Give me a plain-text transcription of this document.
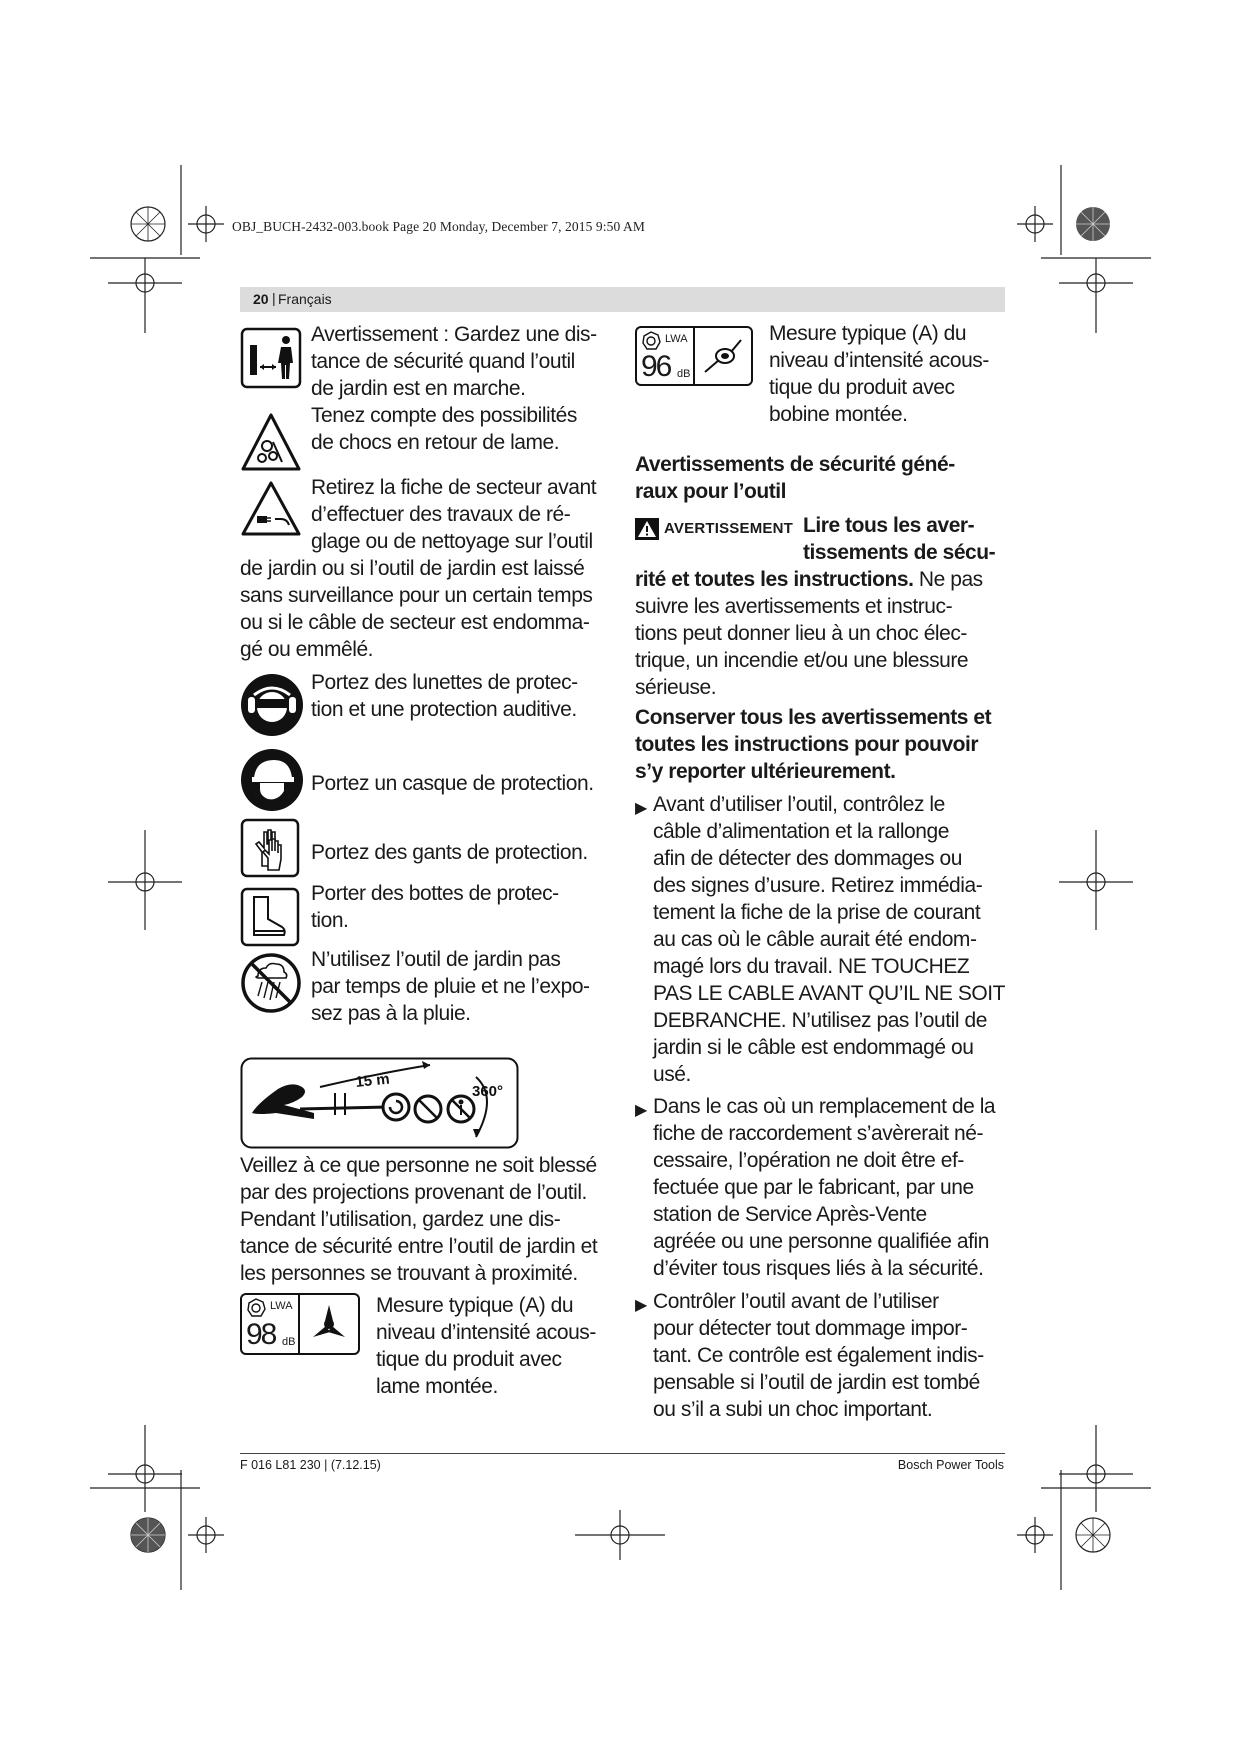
OBJ_BUCH-2432-003.book Page 20 Monday, December 7, 2015 9:50 AM
20 | Français

Avertissement : Gardez une dis-

tance de sécurité quand l’outil

de jardin est en marche.

Tenez compte des possibilités

de chocs en retour de lame.

Retirez la fiche de secteur avant

d’effectuer des travaux de ré-

glage ou de nettoyage sur l’outil

de jardin ou si l’outil de jardin est laissé

sans surveillance pour un certain temps

ou si le câble de secteur est endomma-

gé ou emmêlé.

Portez des lunettes de protec-

tion et une protection auditive.

Portez un casque de protection.
Portez des gants de protection.

Porter des bottes de protec-

tion.

N’utilisez l’outil de jardin pas

par temps de pluie et ne l’expo-

sez pas à la pluie.

15 m
360°

Veillez à ce que personne ne soit blessé

par des projections provenant de l’outil.

Pendant l’utilisation, gardez une dis-

tance de sécurité entre l’outil de jardin et

les personnes se trouvant à proximité.

LWA
98 dB

Mesure typique (A) du

niveau d’intensité acous-

tique du produit avec

lame montée.

LWA
96 dB

Mesure typique (A) du

niveau d’intensité acous-

tique du produit avec

bobine montée.

Avertissements de sécurité géné-

raux pour l’outil

AVERTISSEMENT Lire tous les aver-

tissements de sécu-

rité et toutes les instructions. Ne pas

suivre les avertissements et instruc-

tions peut donner lieu à un choc élec-

trique, un incendie et/ou une blessure

sérieuse.

Conserver tous les avertissements et

toutes les instructions pour pouvoir

s’y reporter ultérieurement.

▶ Avant d’utiliser l’outil, contrôlez le

câble d’alimentation et la rallonge

afin de détecter des dommages ou

des signes d’usure. Retirez immédia-

tement la fiche de la prise de courant

au cas où le câble aurait été endom-

magé lors du travail. NE TOUCHEZ

PAS LE CABLE AVANT QU’IL NE SOIT

DEBRANCHE. N’utilisez pas l’outil de

jardin si le câble est endommagé ou

usé.

▶ Dans le cas où un remplacement de la

fiche de raccordement s’avèrerait né-

cessaire, l’opération ne doit être ef-

fectuée que par le fabricant, par une

station de Service Après-Vente

agréée ou une personne qualifiée afin

d’éviter tous risques liés à la sécurité.

▶ Contrôler l’outil avant de l’utiliser

pour détecter tout dommage impor-

tant. Ce contrôle est également indis-

pensable si l’outil de jardin est tombé

ou s’il a subi un choc important.

F 016 L81 230 | (7.12.15)	Bosch Power Tools
